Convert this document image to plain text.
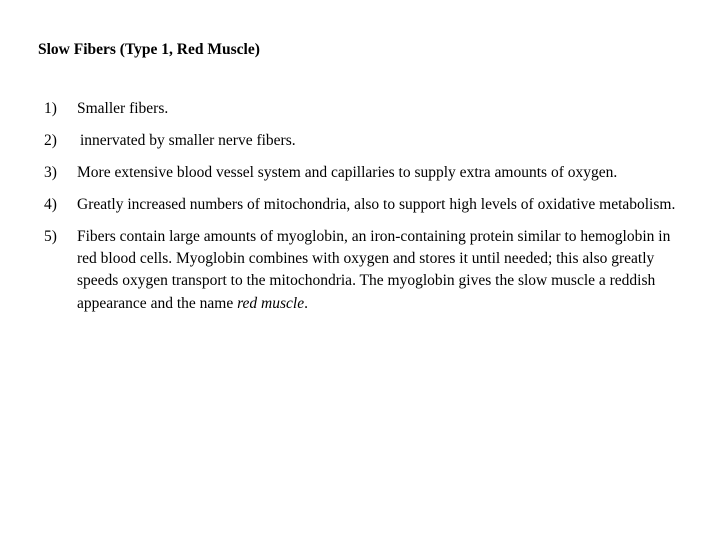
Slow Fibers (Type 1, Red Muscle)
1)	Smaller fibers.
2)	innervated by smaller nerve fibers.
3)	More extensive blood vessel system and capillaries to supply extra amounts of oxygen.
4)	Greatly increased numbers of mitochondria, also to support high levels of oxidative metabolism.
5)	Fibers contain large amounts of myoglobin, an iron-containing protein similar to hemoglobin in red blood cells. Myoglobin combines with oxygen and stores it until needed; this also greatly speeds oxygen transport to the mitochondria. The myoglobin gives the slow muscle a reddish appearance and the name red muscle.
